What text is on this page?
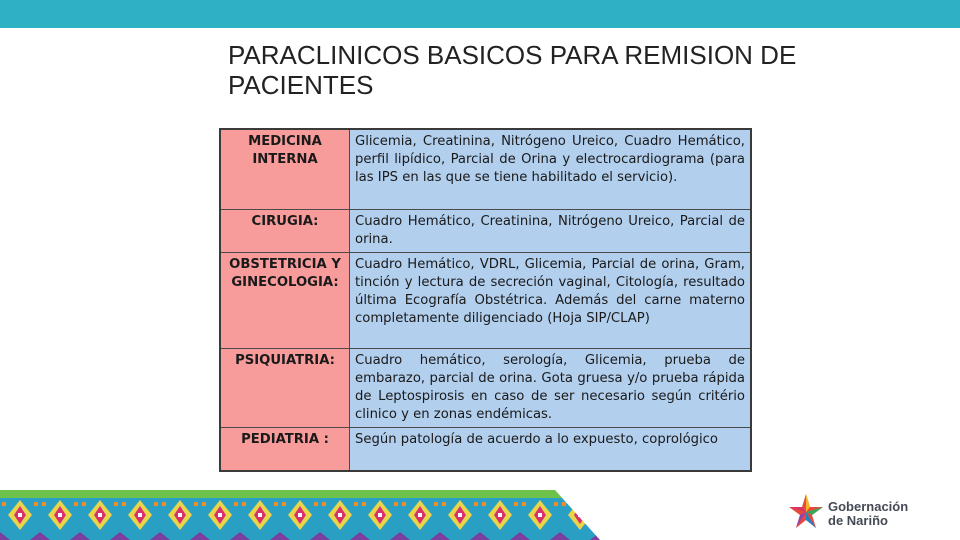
PARACLINICOS BASICOS PARA REMISION DE
PACIENTES
MEDICINA INTERNA	Glicemia, Creatinina, Nitrógeno Ureico, Cuadro Hemático, perfil lipídico, Parcial de Orina y electrocardiograma (para las IPS en las que se tiene habilitado el servicio).

CIRUGIA:	Cuadro Hemático, Creatinina, Nitrógeno Ureico, Parcial de orina.

OBSTETRICIA Y GINECOLOGIA:	Cuadro Hemático, VDRL, Glicemia, Parcial de orina, Gram, tinción y lectura de secreción vaginal, Citología, resultado última Ecografía Obstétrica. Además del carne materno completamente diligenciado (Hoja SIP/CLAP)

PSIQUIATRIA:	Cuadro hemático, serología, Glicemia, prueba de embarazo, parcial de orina. Gota gruesa y/o prueba rápida de Leptospirosis en caso de ser necesario según critério clinico y en zonas endémicas.

PEDIATRIA :	Según patología de acuerdo a lo expuesto, coprológico
Gobernación
de Nariño
